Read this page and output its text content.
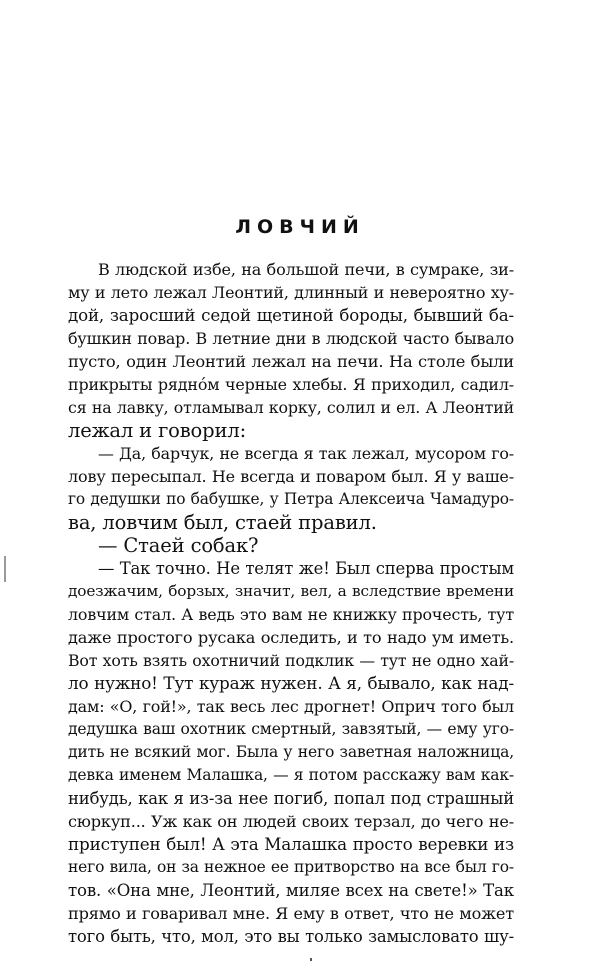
ЛОВЧИЙ
В людской избе, на большой печи, в сумраке, зи-
му и лето лежал Леонтий, длинный и невероятно ху-
дой, заросший седой щетиной бороды, бывший ба-
бушкин повар. В летние дни в людской часто бывало
пусто, один Леонтий лежал на печи. На столе были
прикрыты рядно́м черные хлебы. Я приходил, садил-
ся на лавку, отламывал корку, солил и ел. А Леонтий
лежал и говорил:
— Да, барчук, не всегда я так лежал, мусором го-
лову пересыпал. Не всегда и поваром был. Я у ваше-
го дедушки по бабушке, у Петра Алексеича Чамадуро-
ва, ловчим был, стаей правил.
— Стаей собак?
— Так точно. Не телят же! Был сперва простым
доезжачим, борзых, значит, вел, а вследствие времени
ловчим стал. А ведь это вам не книжку прочесть, тут
даже простого русака оследить, и то надо ум иметь.
Вот хоть взять охотничий подклик — тут не одно хай-
ло нужно! Тут кураж нужен. А я, бывало, как над-
дам: «О, гой!», так весь лес дрогнет! Оприч того был
дедушка ваш охотник смертный, завзятый, — ему уго-
дить не всякий мог. Была у него заветная наложница,
девка именем Малашка, — я потом расскажу вам как-
нибудь, как я из-за нее погиб, попал под страшный
сюркуп... Уж как он людей своих терзал, до чего не-
приступен был! А эта Малашка просто веревки из
него вила, он за нежное ее притворство на все был го-
тов. «Она мне, Леонтий, миляе всех на свете!» Так
прямо и говаривал мне. Я ему в ответ, что не может
того быть, что, мол, это вы только замысловато шу-
